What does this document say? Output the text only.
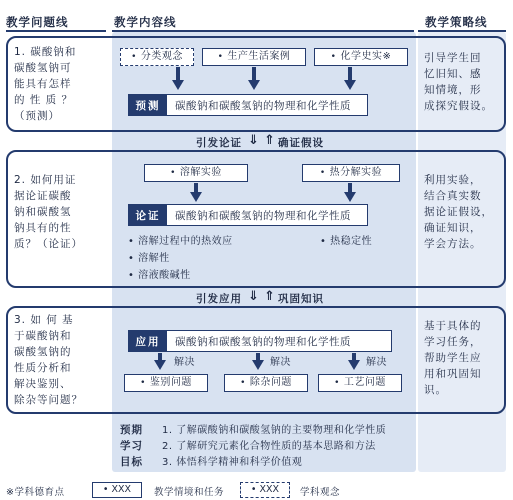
教学问题线	教学内容线	教学策略线
1. 碳酸钠和
碳酸氢钠可
能具有怎样
的 性 质 ？
（预测）
• 分类观念	• 生产生活案例	• 化学史实※
预测	碳酸钠和碳酸氢钠的物理和化学性质
引导学生回
忆旧知、感
知情境，形
成探究假设。
引发论证 ⇓ ⇑ 确证假设
2. 如何用证
据论证碳酸
钠和碳酸氢
钠具有的性
质？（论证）
• 溶解实验	• 热分解实验
论证	碳酸钠和碳酸氢钠的物理和化学性质
• 溶解过程中的热效应
• 溶解性
• 溶液酸碱性
• 热稳定性
利用实验，
结合真实数
据论证假设，
确证知识，
学会方法。
引发应用 ⇓ ⇑ 巩固知识
3. 如 何 基
于碳酸钠和
碳酸氢钠的
性质分析和
解决鉴别、
除杂等问题？
应用	碳酸钠和碳酸氢钠的物理和化学性质
解决	解决	解决
• 鉴别问题	• 除杂问题	• 工艺问题
基于具体的
学习任务，
帮助学生应
用和巩固知
识。
预期
学习
目标
1. 了解碳酸钠和碳酸氢钠的主要物理和化学性质
2. 了解研究元素化合物性质的基本思路和方法
3. 体悟科学精神和科学价值观
※学科德育点	• XXX	教学情境和任务	• XXX	学科观念
